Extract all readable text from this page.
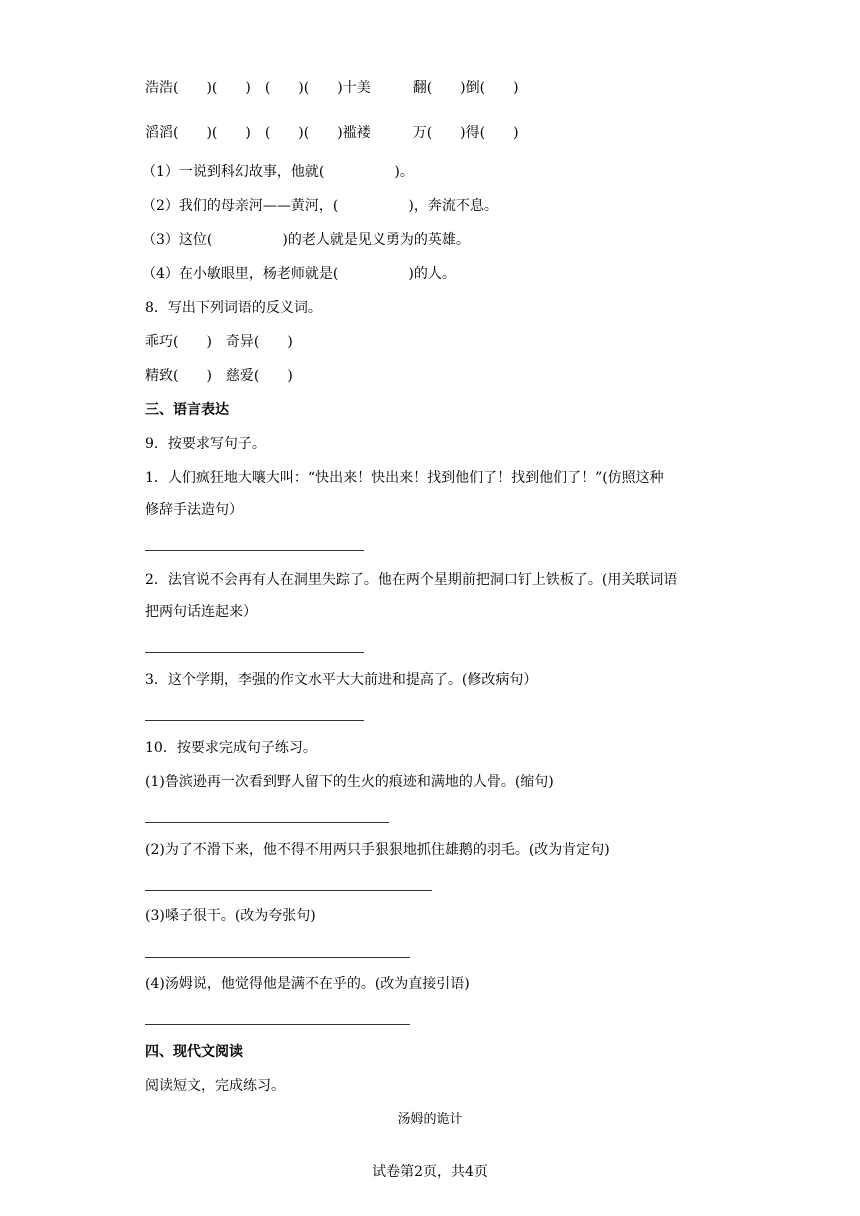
浩浩(　　)(　　)　(　　)(　　)十美　　　翻(　　)倒(　　)
滔滔(　　)(　　)　(　　)(　　)褴褛　　　万(　　)得(　　)
（1）一说到科幻故事，他就(　　　　　)。
（2）我们的母亲河——黄河，(　　　　　)，奔流不息。
（3）这位(　　　　　)的老人就是见义勇为的英雄。
（4）在小敏眼里，杨老师就是(　　　　　)的人。
8．写出下列词语的反义词。
乖巧(　　)　奇异(　　)
精致(　　)　慈爱(　　)
三、语言表达
9．按要求写句子。
1．人们疯狂地大嚷大叫：“快出来！快出来！找到他们了！找到他们了！”(仿照这种
修辞手法造句）
2．法官说不会再有人在洞里失踪了。他在两个星期前把洞口钉上铁板了。(用关联词语
把两句话连起来）
3．这个学期，李强的作文水平大大前进和提高了。(修改病句）
10．按要求完成句子练习。
(1)鲁滨逊再一次看到野人留下的生火的痕迹和满地的人骨。(缩句)
(2)为了不滑下来，他不得不用两只手狠狠地抓住雄鹅的羽毛。(改为肯定句)
(3)嗓子很干。(改为夸张句)
(4)汤姆说，他觉得他是满不在乎的。(改为直接引语)
四、现代文阅读
阅读短文，完成练习。
汤姆的诡计
试卷第2页，共4页
